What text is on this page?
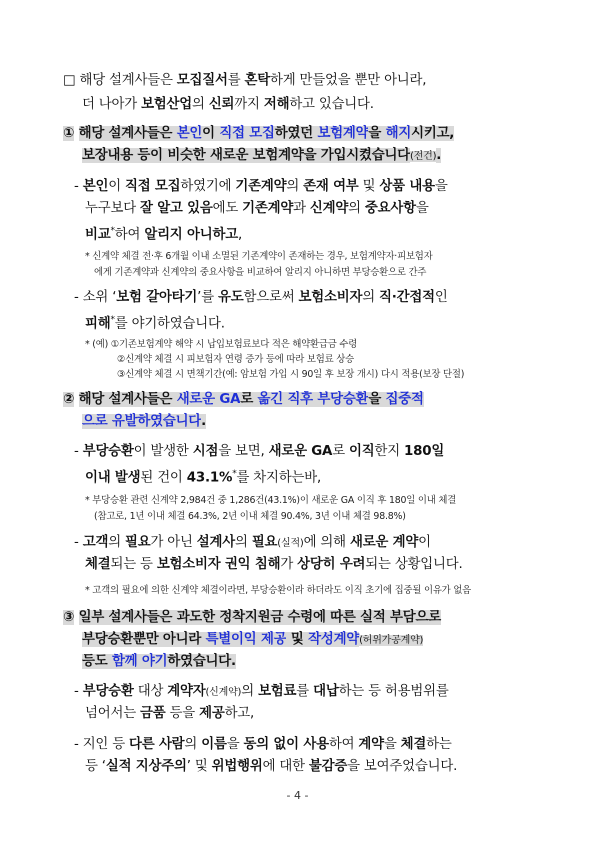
□ 해당 설계사들은 모집질서를 혼탁하게 만들었을 뿐만 아니라,
더 나아가 보험산업의 신뢰까지 저해하고 있습니다.
① 해당 설계사들은 본인이 직접 모집하였던 보험계약을 해지시키고,
보장내용 등이 비슷한 새로운 보험계약을 가입시켰습니다(전건).
- 본인이 직접 모집하였기에 기존계약의 존재 여부 및 상품 내용을
누구보다 잘 알고 있음에도 기존계약과 신계약의 중요사항을
비교*하여 알리지 아니하고,
* 신계약 체결 전·후 6개월 이내 소멸된 기존계약이 존재하는 경우, 보험계약자·피보험자
에게 기존계약과 신계약의 중요사항을 비교하여 알리지 아니하면 부당승환으로 간주
- 소위 ‘보험 갈아타기’를 유도함으로써 보험소비자의 직·간접적인
피해*를 야기하였습니다.
* (예) ①기존보험계약 해약 시 납입보험료보다 적은 해약환급금 수령
②신계약 체결 시 피보험자 연령 증가 등에 따라 보험료 상승
③신계약 체결 시 면책기간(예: 암보험 가입 시 90일 후 보장 개시) 다시 적용(보장 단절)
② 해당 설계사들은 새로운 GA로 옮긴 직후 부당승환을 집중적
으로 유발하였습니다.
- 부당승환이 발생한 시점을 보면, 새로운 GA로 이직한지 180일
이내 발생된 건이 43.1%*를 차지하는바,
* 부당승환 관련 신계약 2,984건 중 1,286건(43.1%)이 새로운 GA 이직 후 180일 이내 체결
(참고로, 1년 이내 체결 64.3%, 2년 이내 체결 90.4%, 3년 이내 체결 98.8%)
- 고객의 필요가 아닌 설계사의 필요(실적)에 의해 새로운 계약이
체결되는 등 보험소비자 권익 침해가 상당히 우려되는 상황입니다.
* 고객의 필요에 의한 신계약 체결이라면, 부당승환이라 하더라도 이직 초기에 집중될 이유가 없음
③ 일부 설계사들은 과도한 정착지원금 수령에 따른 실적 부담으로
부당승환뿐만 아니라 특별이익 제공 및 작성계약(허위가공계약)
등도 함께 야기하였습니다.
- 부당승환 대상 계약자(신계약)의 보험료를 대납하는 등 허용범위를
넘어서는 금품 등을 제공하고,
- 지인 등 다른 사람의 이름을 동의 없이 사용하여 계약을 체결하는
등 ‘실적 지상주의’ 및 위법행위에 대한 불감증을 보여주었습니다.
- 4 -
